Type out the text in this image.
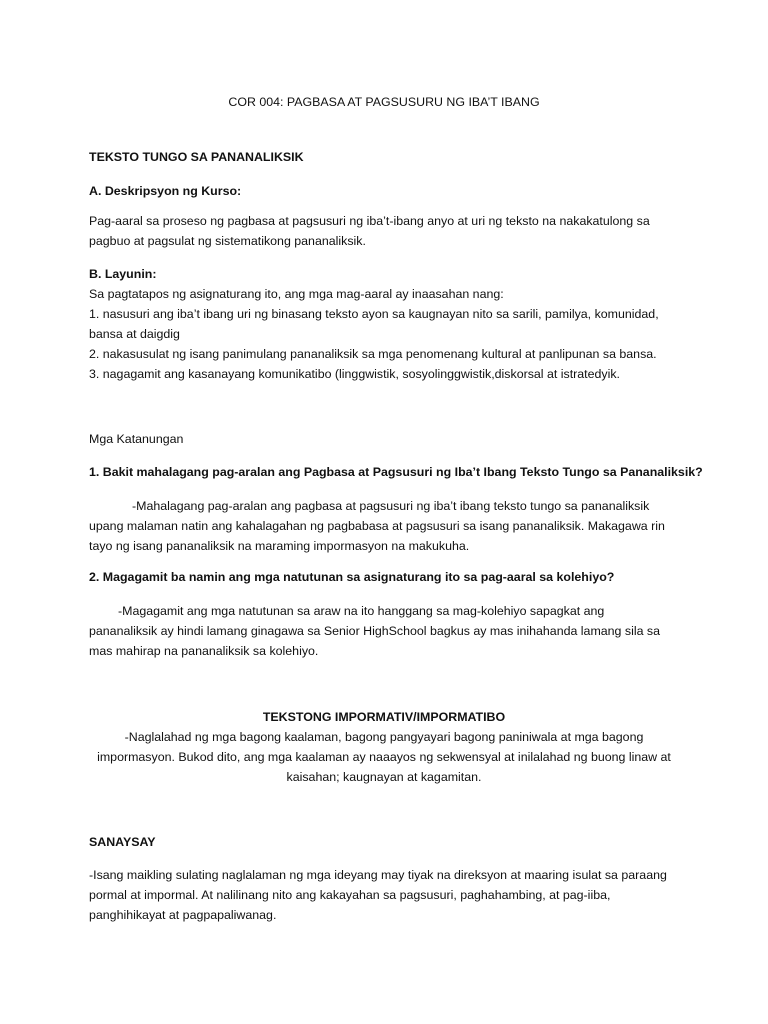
COR 004: PAGBASA AT PAGSUSURU NG IBA’T IBANG
TEKSTO TUNGO SA PANANALIKSIK
A. Deskripsyon ng Kurso:
Pag-aaral sa proseso ng pagbasa at pagsusuri ng iba’t-ibang anyo at uri ng teksto na nakakatulong sa
pagbuo at pagsulat ng sistematikong pananaliksik.
B. Layunin:
Sa pagtatapos ng asignaturang ito, ang mga mag-aaral ay inaasahan nang:
1. nasusuri ang iba’t ibang uri ng binasang teksto ayon sa kaugnayan nito sa sarili, pamilya, komunidad,
bansa at daigdig
2. nakasusulat ng isang panimulang pananaliksik sa mga penomenang kultural at panlipunan sa bansa.
3. nagagamit ang kasanayang komunikatibo (linggwistik, sosyolinggwistik,diskorsal at istratedyik.
Mga Katanungan
1. Bakit mahalagang pag-aralan ang Pagbasa at Pagsusuri ng Iba’t Ibang Teksto Tungo sa Pananaliksik?
-Mahalagang pag-aralan ang pagbasa at pagsusuri ng iba’t ibang teksto tungo sa pananaliksik
upang malaman natin ang kahalagahan ng pagbabasa at pagsusuri sa isang pananaliksik. Makagawa rin
tayo ng isang pananaliksik na maraming impormasyon na makukuha.
2. Magagamit ba namin ang mga natutunan sa asignaturang ito sa pag-aaral sa kolehiyo?
-Magagamit ang mga natutunan sa araw na ito hanggang sa mag-kolehiyo sapagkat ang
pananaliksik ay hindi lamang ginagawa sa Senior HighSchool bagkus ay mas inihahanda lamang sila sa
mas mahirap na pananaliksik sa kolehiyo.
TEKSTONG IMPORMATIV/IMPORMATIBO
-Naglalahad ng mga bagong kaalaman, bagong pangyayari bagong paniniwala at mga bagong
impormasyon. Bukod dito, ang mga kaalaman ay naaayos ng sekwensyal at inilalahad ng buong linaw at
kaisahan; kaugnayan at kagamitan.
SANAYSAY
-Isang maikling sulating naglalaman ng mga ideyang may tiyak na direksyon at maaring isulat sa paraang
pormal at impormal. At nalilinang nito ang kakayahan sa pagsusuri, paghahambing, at pag-iiba,
panghihikayat at pagpapaliwanag.
